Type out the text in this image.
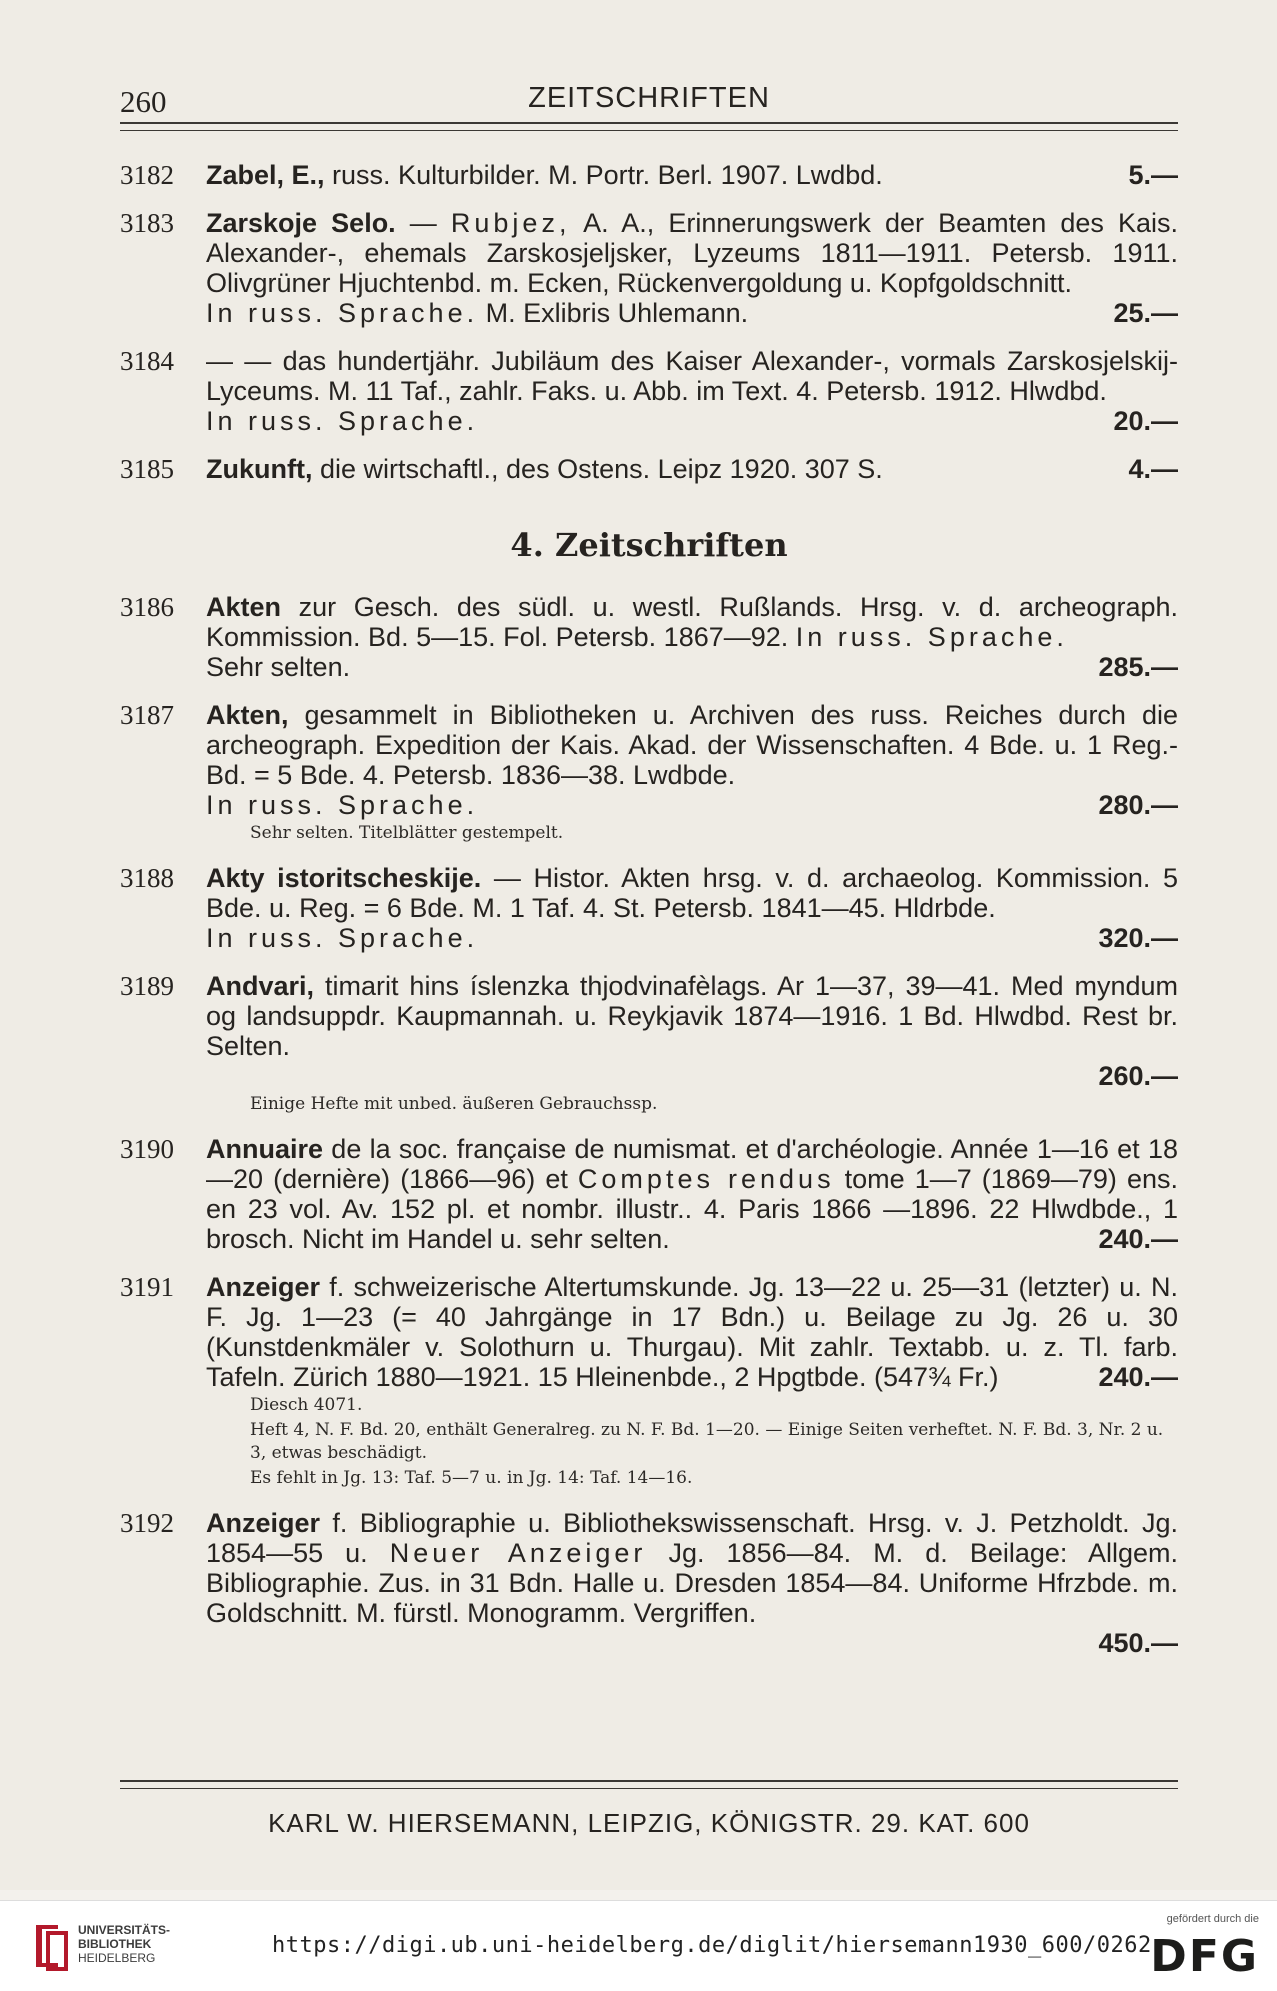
260	ZEITSCHRIFTEN
3182 Zabel, E., russ. Kulturbilder. M. Portr. Berl. 1907. Lwdbd.	5.—
3183 Zarskoje Selo. — Rubjez, A. A., Erinnerungswerk der Beamten des Kais. Alexander-, ehemals Zarskosjeljsker, Lyzeums 1811—1911. Petersb. 1911. Olivgrüner Hjuchtenbd. m. Ecken, Rückenvergoldung u. Kopfgoldschnitt.
In russ. Sprache. M. Exlibris Uhlemann.	25.—
3184 — — das hundertjähr. Jubiläum des Kaiser Alexander-, vormals Zarskosjelskij-Lyceums. M. 11 Taf., zahlr. Faks. u. Abb. im Text. 4. Petersb. 1912. Hlwdbd.
In russ. Sprache.	20.—
3185 Zukunft, die wirtschaftl., des Ostens. Leipz 1920. 307 S.	4.—
4. Zeitschriften
3186 Akten zur Gesch. des südl. u. westl. Rußlands. Hrsg. v. d. archeograph. Kommission. Bd. 5—15. Fol. Petersb. 1867—92. In russ. Sprache.
Sehr selten.	285.—
3187 Akten, gesammelt in Bibliotheken u. Archiven des russ. Reiches durch die archeograph. Expedition der Kais. Akad. der Wissenschaften. 4 Bde. u. 1 Reg.-Bd. = 5 Bde. 4. Petersb. 1836—38. Lwdbde.
In russ. Sprache.	280.—
Sehr selten. Titelblätter gestempelt.
3188 Akty istoritscheskije. — Histor. Akten hrsg. v. d. archaeolog. Kommission. 5 Bde. u. Reg. = 6 Bde. M. 1 Taf. 4. St. Petersb. 1841—45. Hldrbde.
In russ. Sprache.	320.—
3189 Andvari, timarit hins íslenzka thjodvinafèlags. Ar 1—37, 39—41. Med myndum og landsuppdr. Kaupmannah. u. Reykjavik 1874—1916. 1 Bd. Hlwdbd. Rest br. Selten.
260.—
Einige Hefte mit unbed. äußeren Gebrauchssp.
3190 Annuaire de la soc. française de numismat. et d'archéologie. Année 1—16 et 18—20 (dernière) (1866—96) et Comptes rendus tome 1—7 (1869—79) ens. en 23 vol. Av. 152 pl. et nombr. illustr.. 4. Paris 1866 —1896. 22 Hlwdbde., 1 brosch. Nicht im Handel u. sehr selten.	240.—
3191 Anzeiger f. schweizerische Altertumskunde. Jg. 13—22 u. 25—31 (letzter) u. N. F. Jg. 1—23 (= 40 Jahrgänge in 17 Bdn.) u. Beilage zu Jg. 26 u. 30 (Kunstdenkmäler v. Solothurn u. Thurgau). Mit zahlr. Textabb. u. z. Tl. farb. Tafeln. Zürich 1880—1921. 15 Hleinenbde., 2 Hpgtbde. (547¾ Fr.)	240.—
Diesch 4071.
Heft 4, N. F. Bd. 20, enthält Generalreg. zu N. F. Bd. 1—20. — Einige Seiten verheftet. N. F. Bd. 3, Nr. 2 u. 3, etwas beschädigt.
Es fehlt in Jg. 13: Taf. 5—7 u. in Jg. 14: Taf. 14—16.
3192 Anzeiger f. Bibliographie u. Bibliothekswissenschaft. Hrsg. v. J. Petzholdt. Jg. 1854—55 u. Neuer Anzeiger Jg. 1856—84. M. d. Beilage: Allgem. Bibliographie. Zus. in 31 Bdn. Halle u. Dresden 1854—84. Uniforme Hfrzbde. m. Goldschnitt. M. fürstl. Monogramm. Vergriffen.
450.—
KARL W. HIERSEMANN, LEIPZIG, KÖNIGSTR. 29. KAT. 600
UNIVERSITÄTS-
BIBLIOTHEK
HEIDELBERG	https://digi.ub.uni-heidelberg.de/diglit/hiersemann1930_600/0262
gefördert durch die
DFG
